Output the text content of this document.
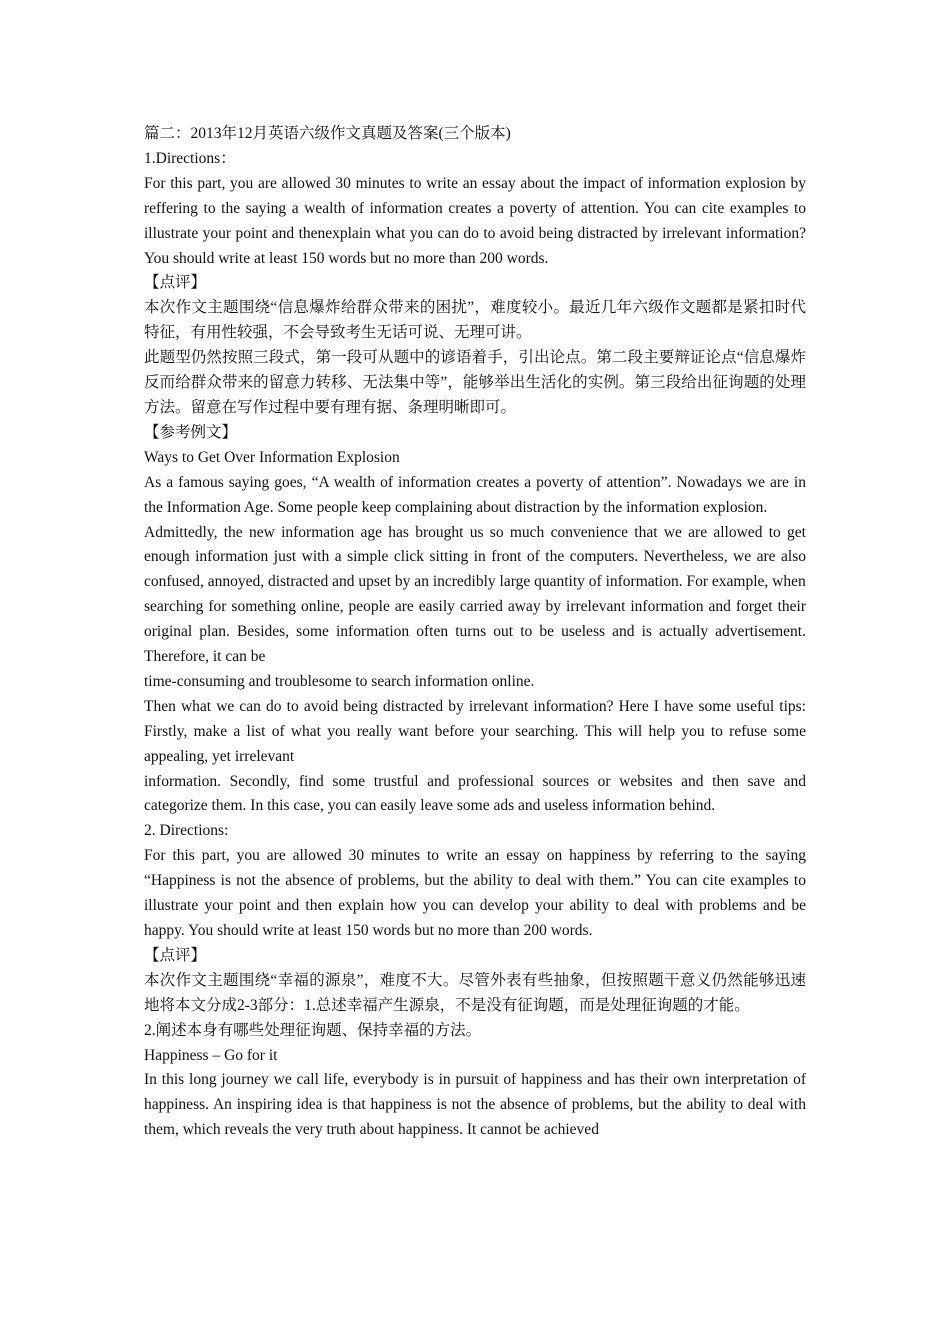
篇二：2013年12月英语六级作文真题及答案(三个版本)

1.Directions：

For this part, you are allowed 30 minutes to write an essay about the impact of information explosion by reffering to the saying a wealth of information creates a poverty of attention. You can cite examples to illustrate your point and thenexplain what you can do to avoid being distracted by irrelevant information? You should write at least 150 words but no more than 200 words.

【点评】

本次作文主题围绕“信息爆炸给群众带来的困扰”，难度较小。最近几年六级作文题都是紧扣时代特征，有用性较强，不会导致考生无话可说、无理可讲。

此题型仍然按照三段式，第一段可从题中的谚语着手，引出论点。第二段主要辩证论点“信息爆炸反而给群众带来的留意力转移、无法集中等”，能够举出生活化的实例。第三段给出征询题的处理方法。留意在写作过程中要有理有据、条理明晰即可。

【参考例文】

Ways to Get Over Information Explosion

As a famous saying goes, “A wealth of information creates a poverty of attention”. Nowadays we are in the Information Age. Some people keep complaining about distraction by the information explosion.

Admittedly, the new information age has brought us so much convenience that we are allowed to get enough information just with a simple click sitting in front of the computers. Nevertheless, we are also confused, annoyed, distracted and upset by an incredibly large quantity of information. For example, when

searching for something online, people are easily carried away by irrelevant information and forget their original plan. Besides, some information often turns out to be useless and is actually advertisement. Therefore, it can be

time-consuming and troublesome to search information online.

Then what we can do to avoid being distracted by irrelevant information? Here I have some useful tips: Firstly, make a list of what you really want before your searching. This will help you to refuse some appealing, yet irrelevant

information. Secondly, find some trustful and professional sources or websites and then save and categorize them. In this case, you can easily leave some ads and useless information behind.

2. Directions:

For this part, you are allowed 30 minutes to write an essay on happiness by referring to the saying “Happiness is not the absence of problems, but the ability to deal with them.” You can cite examples to illustrate your point and then explain how you can develop your ability to deal with problems and be happy. You should write at least 150 words but no more than 200 words.

【点评】

本次作文主题围绕“幸福的源泉”，难度不大。尽管外表有些抽象，但按照题干意义仍然能够迅速地将本文分成2-3部分：1.总述幸福产生源泉，不是没有征询题，而是处理征询题的才能。

2.阐述本身有哪些处理征询题、保持幸福的方法。

Happiness – Go for it

In this long journey we call life, everybody is in pursuit of happiness and has their own interpretation of happiness. An inspiring idea is that happiness is not the absence of problems, but the ability to deal with them, which reveals the very truth about happiness. It cannot be achieved
